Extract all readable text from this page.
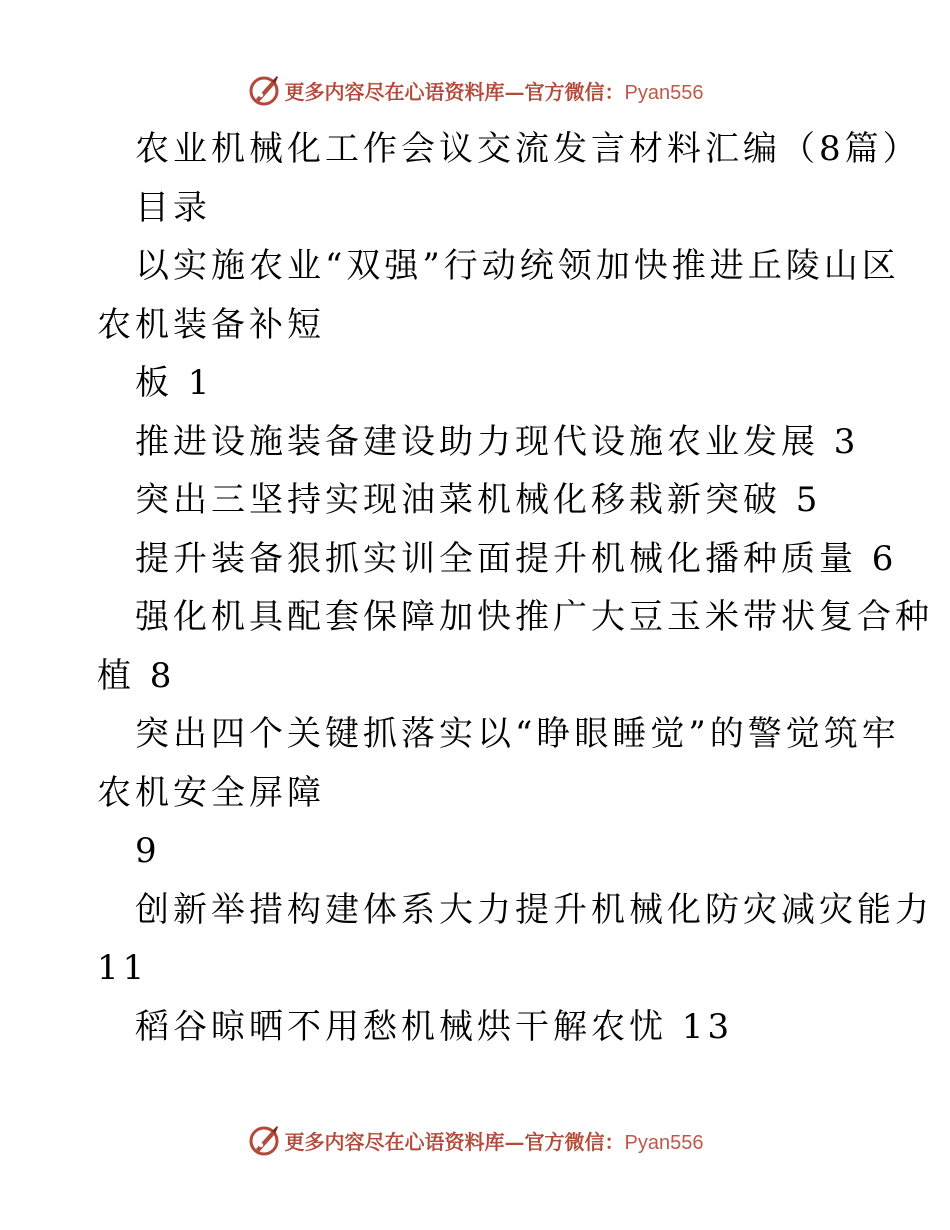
更多内容尽在心语资料库—官方微信：Pyan556
农业机械化工作会议交流发言材料汇编（8篇）
目录
以实施农业“双强”行动统领加快推进丘陵山区
农机装备补短
板 1
推进设施装备建设助力现代设施农业发展 3
突出三坚持实现油菜机械化移栽新突破 5
提升装备狠抓实训全面提升机械化播种质量 6
强化机具配套保障加快推广大豆玉米带状复合种
植 8
突出四个关键抓落实以“睁眼睡觉”的警觉筑牢
农机安全屏障
9
创新举措构建体系大力提升机械化防灾减灾能力
11
稻谷晾晒不用愁机械烘干解农忧 13
更多内容尽在心语资料库—官方微信：Pyan556
